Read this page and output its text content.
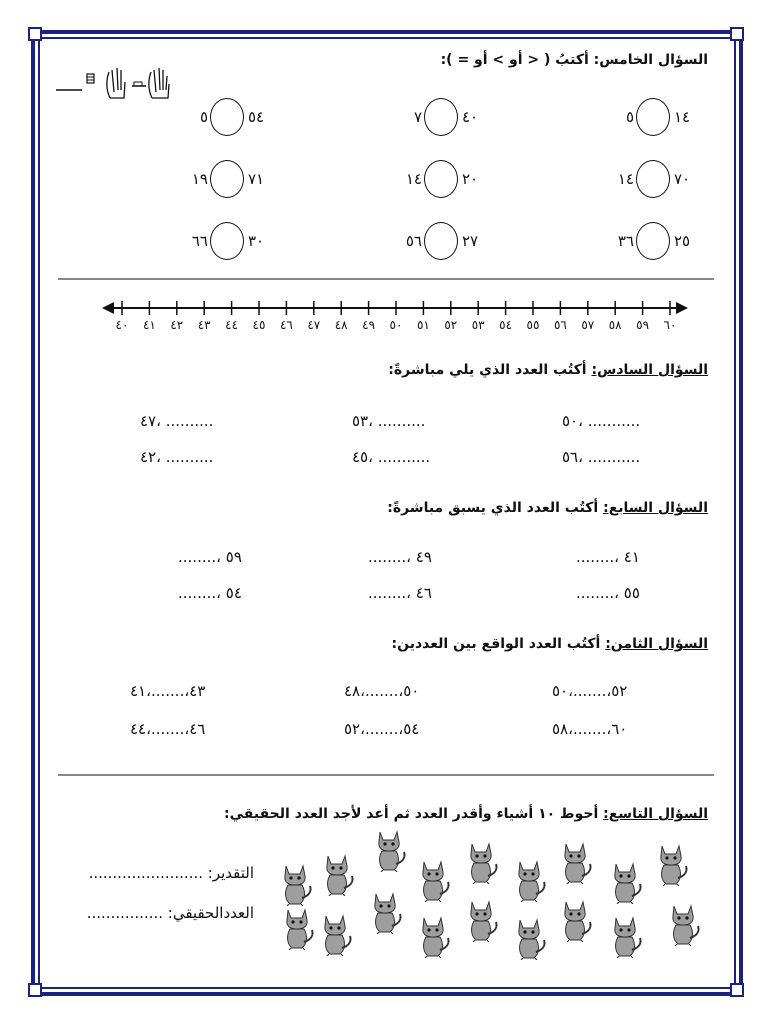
السؤال الخامس: أكتبُ ( < أو > أو = ):
٥	٥٤	٧	٤٠	٥	١٤
١٩	٧١	١٤	٢٠	١٤	٧٠
٦٦	٣٠	٥٦	٢٧	٣٦	٢٥
٤٠ ٤١ ٤٢ ٤٣ ٤٤ ٤٥ ٤٦ ٤٧ ٤٨ ٤٩ ٥٠ ٥١ ٥٢ ٥٣ ٥٤ ٥٥ ٥٦ ٥٧ ٥٨ ٥٩ ٦٠
السؤال السادس: أكتُب العدد الذي يلي مباشرةً:
٤٧، ..........	٥٣، ..........	٥٠، ...........
٤٢، ..........	٤٥، ...........	٥٦، ...........
السؤال السابع: أكتُب العدد الذي يسبق مباشرةً:
........، ٥٩	........، ٤٩	........، ٤١
........، ٥٤	........، ٤٦	........، ٥٥
السؤال الثامن: أكتُب العدد الواقع بين العددين:
٤٣،.......،٤١	٥٠،.......،٤٨	٥٢،.......،٥٠
٤٦،.......،٤٤	٥٤،.......،٥٢	٦٠،.......،٥٨
السؤال التاسع: أحوط ١٠ أشياء وأقدر العدد ثم أعد لأجد العدد الحقيقي:
التقدير: ........................
العددالحقيقي: ................
